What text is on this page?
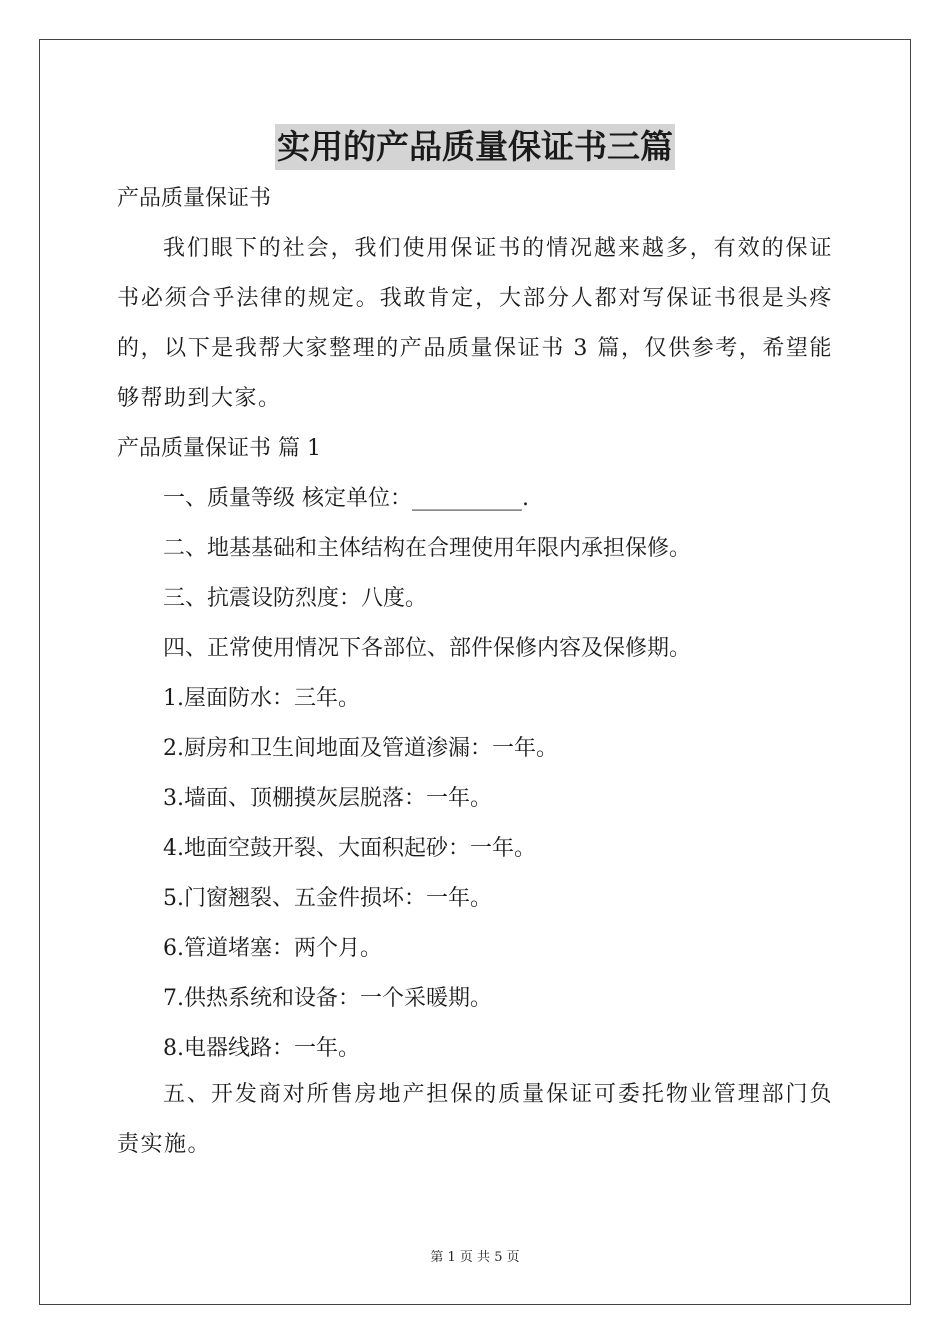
实用的产品质量保证书三篇
产品质量保证书
我们眼下的社会，我们使用保证书的情况越来越多，有效的保证书必须合乎法律的规定。我敢肯定，大部分人都对写保证书很是头疼的，以下是我帮大家整理的产品质量保证书 3 篇，仅供参考，希望能够帮助到大家。
产品质量保证书 篇 1
一、质量等级 核定单位：__________.
二、地基基础和主体结构在合理使用年限内承担保修。
三、抗震设防烈度：八度。
四、正常使用情况下各部位、部件保修内容及保修期。
1.屋面防水：三年。
2.厨房和卫生间地面及管道渗漏：一年。
3.墙面、顶棚摸灰层脱落：一年。
4.地面空鼓开裂、大面积起砂：一年。
5.门窗翘裂、五金件损坏：一年。
6.管道堵塞：两个月。
7.供热系统和设备：一个采暖期。
8.电器线路：一年。
五、开发商对所售房地产担保的质量保证可委托物业管理部门负责实施。
第 1 页 共 5 页
